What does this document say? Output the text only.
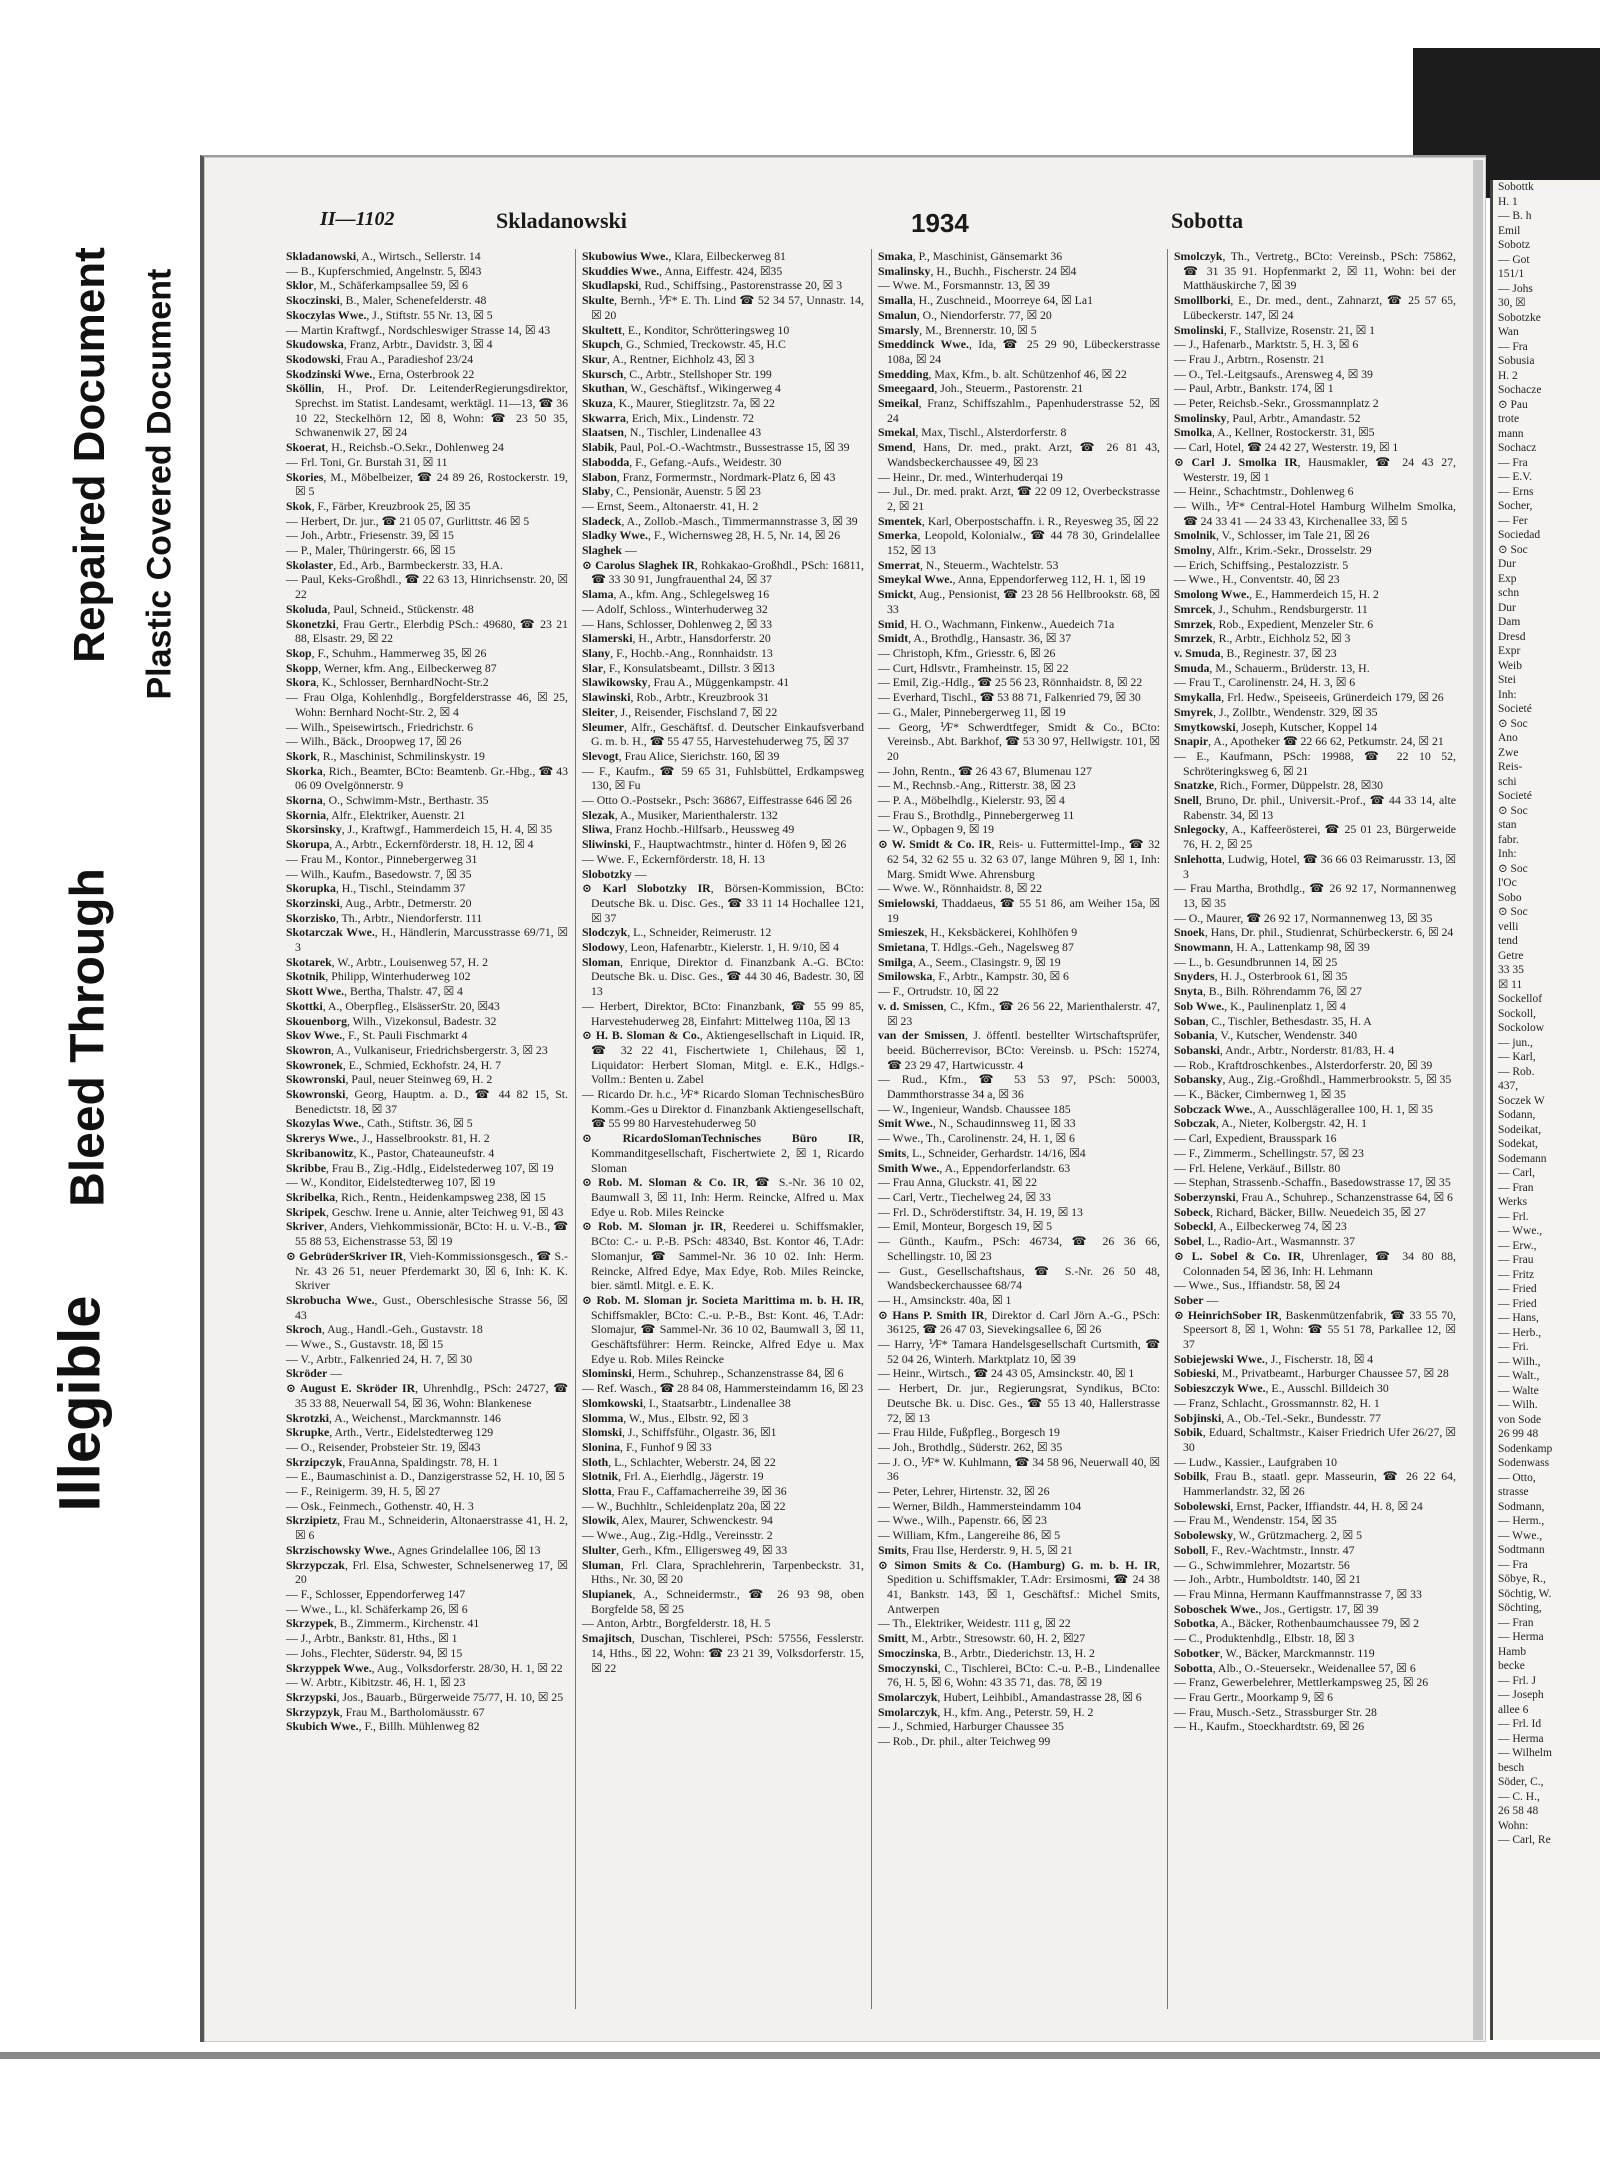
Illegible
Bleed Through
Repaired Document Plastic Covered Document
II—1102	Skladanowski	1934	Sobotta

Skladanowski, A., Wirtsch., Sellerstr. 14

— B., Kupferschmied, Angelnstr. 5, ☒43

Sklor, M., Schäferkampsallee 59, ☒ 6

Skoczinski, B., Maler, Schenefelderstr. 48

Skoczylas Wwe., J., Stiftstr. 55 Nr. 13, ☒ 5

— Martin Kraftwgf., Nordschleswiger Strasse 14, ☒ 43

Skudowska, Franz, Arbtr., Davidstr. 3, ☒ 4

Skodowski, Frau A., Paradieshof 23/24

Skodzinski Wwe., Erna, Osterbrook 22

Sköllin, H., Prof. Dr. LeitenderRegierungsdirektor, Sprechst. im Statist. Landesamt, werktägl. 11—13, ☎ 36 10 22, Steckelhörn 12, ☒ 8, Wohn: ☎ 23 50 35, Schwanenwik 27, ☒ 24

Skoerat, H., Reichsb.-O.Sekr., Dohlenweg 24

— Frl. Toni, Gr. Burstah 31, ☒ 11

Skories, M., Möbelbeizer, ☎ 24 89 26, Rostockerstr. 19, ☒ 5

Skok, F., Färber, Kreuzbrook 25, ☒ 35

— Herbert, Dr. jur., ☎ 21 05 07, Gurlittstr. 46 ☒ 5

— Joh., Arbtr., Friesenstr. 39, ☒ 15

— P., Maler, Thüringerstr. 66, ☒ 15

Skolaster, Ed., Arb., Barmbeckerstr. 33, H.A.

— Paul, Keks-Großhdl., ☎ 22 63 13, Hinrichsenstr. 20, ☒ 22

Skoluda, Paul, Schneid., Stückenstr. 48

Skonetzki, Frau Gertr., Elerbdig PSch.: 49680, ☎ 23 21 88, Elsastr. 29, ☒ 22

Skop, F., Schuhm., Hammerweg 35, ☒ 26

Skopp, Werner, kfm. Ang., Eilbeckerweg 87

Skora, K., Schlosser, BernhardNocht-Str.2

— Frau Olga, Kohlenhdlg., Borgfelderstrasse 46, ☒ 25, Wohn: Bernhard Nocht-Str. 2, ☒ 4

— Wilh., Speisewirtsch., Friedrichstr. 6

— Wilh., Bäck., Droopweg 17, ☒ 26

Skork, R., Maschinist, Schmilinskystr. 19

Skorka, Rich., Beamter, BCto: Beamtenb. Gr.-Hbg., ☎ 43 06 09 Ovelgönnerstr. 9

Skorna, O., Schwimm-Mstr., Berthastr. 35

Skornia, Alfr., Elektriker, Auenstr. 21

Skorsinsky, J., Kraftwgf., Hammerdeich 15, H. 4, ☒ 35

Skorupa, A., Arbtr., Eckernförderstr. 18, H. 12, ☒ 4

— Frau M., Kontor., Pinnebergerweg 31

— Wilh., Kaufm., Basedowstr. 7, ☒ 35

Skorupka, H., Tischl., Steindamm 37

Skorzinski, Aug., Arbtr., Detmerstr. 20

Skorzisko, Th., Arbtr., Niendorferstr. 111

Skotarczak Wwe., H., Händlerin, Marcusstrasse 69/71, ☒ 3

Skotarek, W., Arbtr., Louisenweg 57, H. 2

Skotnik, Philipp, Winterhuderweg 102

Skott Wwe., Bertha, Thalstr. 47, ☒ 4

Skottki, A., Oberpfleg., ElsässerStr. 20, ☒43

Skouenborg, Wilh., Vizekonsul, Badestr. 32

Skov Wwe., F., St. Pauli Fischmarkt 4

Skowron, A., Vulkaniseur, Friedrichsbergerstr. 3, ☒ 23

Skowronek, E., Schmied, Eckhofstr. 24, H. 7

Skowronski, Paul, neuer Steinweg 69, H. 2

Skowronski, Georg, Hauptm. a. D., ☎ 44 82 15, St. Benedictstr. 18, ☒ 37

Skozylas Wwe., Cath., Stiftstr. 36, ☒ 5

Skrerys Wwe., J., Hasselbrookstr. 81, H. 2

Skribanowitz, K., Pastor, Chateauneufstr. 4

Skribbe, Frau B., Zig.-Hdlg., Eidelstederweg 107, ☒ 19

— W., Konditor, Eidelstedterweg 107, ☒ 19

Skribelka, Rich., Rentn., Heidenkampsweg 238, ☒ 15

Skripek, Geschw. Irene u. Annie, alter Teichweg 91, ☒ 43

Skriver, Anders, Viehkommissionär, BCto: H. u. V.-B., ☎ 55 88 53, Eichenstrasse 53, ☒ 19

⊙ GebrüderSkriver IR, Vieh-Kommissionsgesch., ☎ S.-Nr. 43 26 51, neuer Pferdemarkt 30, ☒ 6, Inh: K. K. Skriver

Skrobucha Wwe., Gust., Oberschlesische Strasse 56, ☒ 43

Skroch, Aug., Handl.-Geh., Gustavstr. 18

— Wwe., S., Gustavstr. 18, ☒ 15

— V., Arbtr., Falkenried 24, H. 7, ☒ 30

Skröder —

⊙ August E. Skröder IR, Uhrenhdlg., PSch: 24727, ☎ 35 33 88, Neuerwall 54, ☒ 36, Wohn: Blankenese

Skrotzki, A., Weichenst., Marckmannstr. 146

Skrupke, Arth., Vertr., Eidelstedterweg 129

— O., Reisender, Probsteier Str. 19, ☒43

Skrzipczyk, FrauAnna, Spaldingstr. 78, H. 1

— E., Baumaschinist a. D., Danzigerstrasse 52, H. 10, ☒ 5

— F., Reinigerm. 39, H. 5, ☒ 27

— Osk., Feinmech., Gothenstr. 40, H. 3

Skrzipietz, Frau M., Schneiderin, Altonaerstrasse 41, H. 2, ☒ 6

Skrzischowsky Wwe., Agnes Grindelallee 106, ☒ 13

Skrzypczak, Frl. Elsa, Schwester, Schnelsenerweg 17, ☒ 20

— F., Schlosser, Eppendorferweg 147

— Wwe., L., kl. Schäferkamp 26, ☒ 6

Skrzypek, B., Zimmerm., Kirchenstr. 41

— J., Arbtr., Bankstr. 81, Hths., ☒ 1

— Johs., Flechter, Süderstr. 94, ☒ 15

Skrzyppek Wwe., Aug., Volksdorferstr. 28/30, H. 1, ☒ 22

— W. Arbtr., Kibitzstr. 46, H. 1, ☒ 23

Skrzypski, Jos., Bauarb., Bürgerweide 75/77, H. 10, ☒ 25

Skrzypzyk, Frau M., Bartholomäusstr. 67

Skubich Wwe., F., Billh. Mühlenweg 82

Skubowius Wwe., Klara, Eilbeckerweg 81

Skuddies Wwe., Anna, Eiffestr. 424, ☒35

Skudlapski, Rud., Schiffsing., Pastorenstrasse 20, ☒ 3

Skulte, Bernh., ⅟F* E. Th. Lind ☎ 52 34 57, Unnastr. 14, ☒ 20

Skultett, E., Konditor, Schrötteringsweg 10

Skupch, G., Schmied, Treckowstr. 45, H.C

Skur, A., Rentner, Eichholz 43, ☒ 3

Skursch, C., Arbtr., Stellshoper Str. 199

Skuthan, W., Geschäftsf., Wikingerweg 4

Skuza, K., Maurer, Stieglitzstr. 7a, ☒ 22

Skwarra, Erich, Mix., Lindenstr. 72

Slaatsen, N., Tischler, Lindenallee 43

Slabik, Paul, Pol.-O.-Wachtmstr., Bussestrasse 15, ☒ 39

Slabodda, F., Gefang.-Aufs., Weidestr. 30

Slabon, Franz, Formermstr., Nordmark-Platz 6, ☒ 43

Slaby, C., Pensionär, Auenstr. 5 ☒ 23

— Ernst, Seem., Altonaerstr. 41, H. 2

Sladeck, A., Zollob.-Masch., Timmermannstrasse 3, ☒ 39

Sladky Wwe., F., Wichernsweg 28, H. 5, Nr. 14, ☒ 26

Slaghek —

⊙ Carolus Slaghek IR, Rohkakao-Großhdl., PSch: 16811, ☎ 33 30 91, Jungfrauenthal 24, ☒ 37

Slama, A., kfm. Ang., Schlegelsweg 16

— Adolf, Schloss., Winterhuderweg 32

— Hans, Schlosser, Dohlenweg 2, ☒ 33

Slamerski, H., Arbtr., Hansdorferstr. 20

Slany, F., Hochb.-Ang., Ronnhaidstr. 13

Slar, F., Konsulatsbeamt., Dillstr. 3 ☒13

Slawikowsky, Frau A., Müggenkampstr. 41

Slawinski, Rob., Arbtr., Kreuzbrook 31

Sleiter, J., Reisender, Fischsland 7, ☒ 22

Sleumer, Alfr., Geschäftsf. d. Deutscher Einkaufsverband G. m. b. H., ☎ 55 47 55, Harvestehuderweg 75, ☒ 37

Slevogt, Frau Alice, Sierichstr. 160, ☒ 39

— F., Kaufm., ☎ 59 65 31, Fuhlsbüttel, Erdkampsweg 130, ☒ Fu

— Otto O.-Postsekr., Psch: 36867, Eiffestrasse 646 ☒ 26

Slezak, A., Musiker, Marienthalerstr. 132

Sliwa, Franz Hochb.-Hilfsarb., Heussweg 49

Sliwinski, F., Hauptwachtmstr., hinter d. Höfen 9, ☒ 26

— Wwe. F., Eckernförderstr. 18, H. 13

Slobotzky —

⊙ Karl Slobotzky IR, Börsen-Kommission, BCto: Deutsche Bk. u. Disc. Ges., ☎ 33 11 14 Hochallee 121, ☒ 37

Slodczyk, L., Schneider, Reimerustr. 12

Slodowy, Leon, Hafenarbtr., Kielerstr. 1, H. 9/10, ☒ 4

Sloman, Enrique, Direktor d. Finanzbank A.-G. BCto: Deutsche Bk. u. Disc. Ges., ☎ 44 30 46, Badestr. 30, ☒ 13

— Herbert, Direktor, BCto: Finanzbank, ☎ 55 99 85, Harvestehuderweg 28, Einfahrt: Mittelweg 110a, ☒ 13

⊙ H. B. Sloman & Co., Aktiengesellschaft in Liquid. IR, ☎ 32 22 41, Fischertwiete 1, Chilehaus, ☒ 1, Liquidator: Herbert Sloman, Mitgl. e. E.K., Hdlgs.-Vollm.: Benten u. Zabel

— Ricardo Dr. h.c., ⅟F* Ricardo Sloman TechnischesBüro Komm.-Ges u Direktor d. Finanzbank Aktiengesellschaft, ☎ 55 99 80 Harvestehuderweg 50

⊙ RicardoSlomanTechnisches Büro IR, Kommanditgesellschaft, Fischertwiete 2, ☒ 1, Ricardo Sloman

⊙ Rob. M. Sloman & Co. IR, ☎ S.-Nr. 36 10 02, Baumwall 3, ☒ 11, Inh: Herm. Reincke, Alfred u. Max Edye u. Rob. Miles Reincke

⊙ Rob. M. Sloman jr. IR, Reederei u. Schiffsmakler, BCto: C.- u. P.-B. PSch: 48340, Bst. Kontor 46, T.Adr: Slomanjur, ☎ Sammel-Nr. 36 10 02. Inh: Herm. Reincke, Alfred Edye, Max Edye, Rob. Miles Reincke, bier. sämtl. Mitgl. e. E. K.

⊙ Rob. M. Sloman jr. Societa Marittima m. b. H. IR, Schiffsmakler, BCto: C.-u. P.-B., Bst: Kont. 46, T.Adr: Slomajur, ☎ Sammel-Nr. 36 10 02, Baumwall 3, ☒ 11, Geschäftsführer: Herm. Reincke, Alfred Edye u. Max Edye u. Rob. Miles Reincke

Slominski, Herm., Schuhrep., Schanzenstrasse 84, ☒ 6

— Ref. Wasch., ☎ 28 84 08, Hammersteindamm 16, ☒ 23

Slomkowski, I., Staatsarbtr., Lindenallee 38

Slomma, W., Mus., Elbstr. 92, ☒ 3

Slomski, J., Schiffsführ., Olgastr. 36, ☒1

Slonina, F., Funhof 9 ☒ 33

Sloth, L., Schlachter, Weberstr. 24, ☒ 22

Slotnik, Frl. A., Eierhdlg., Jägerstr. 19

Slotta, Frau F., Caffamacherreihe 39, ☒ 36

— W., Buchhltr., Schleidenplatz 20a, ☒ 22

Slowik, Alex, Maurer, Schwenckestr. 94

— Wwe., Aug., Zig.-Hdlg., Vereinsstr. 2

Slulter, Gerh., Kfm., Elligersweg 49, ☒ 33

Sluman, Frl. Clara, Sprachlehrerin, Tarpenbeckstr. 31, Hths., Nr. 30, ☒ 20

Slupianek, A., Schneidermstr., ☎ 26 93 98, oben Borgfelde 58, ☒ 25

— Anton, Arbtr., Borgfelderstr. 18, H. 5

Smajitsch, Duschan, Tischlerei, PSch: 57556, Fesslerstr. 14, Hths., ☒ 22, Wohn: ☎ 23 21 39, Volksdorferstr. 15, ☒ 22

Smaka, P., Maschinist, Gänsemarkt 36

Smalinsky, H., Buchh., Fischerstr. 24 ☒4

— Wwe. M., Forsmannstr. 13, ☒ 39

Smalla, H., Zuschneid., Moorreye 64, ☒ La1

Smalun, O., Niendorferstr. 77, ☒ 20

Smarsly, M., Brennerstr. 10, ☒ 5

Smeddinck Wwe., Ida, ☎ 25 29 90, Lübeckerstrasse 108a, ☒ 24

Smedding, Max, Kfm., b. alt. Schützenhof 46, ☒ 22

Smeegaard, Joh., Steuerm., Pastorenstr. 21

Smeikal, Franz, Schiffszahlm., Papenhuderstrasse 52, ☒ 24

Smekal, Max, Tischl., Alsterdorferstr. 8

Smend, Hans, Dr. med., prakt. Arzt, ☎ 26 81 43, Wandsbeckerchaussee 49, ☒ 23

— Heinr., Dr. med., Winterhuderqai 19

— Jul., Dr. med. prakt. Arzt, ☎ 22 09 12, Overbeckstrasse 2, ☒ 21

Smentek, Karl, Oberpostschaffn. i. R., Reyesweg 35, ☒ 22

Smerka, Leopold, Kolonialw., ☎ 44 78 30, Grindelallee 152, ☒ 13

Smerrat, N., Steuerm., Wachtelstr. 53

Smeykal Wwe., Anna, Eppendorferweg 112, H. 1, ☒ 19

Smickt, Aug., Pensionist, ☎ 23 28 56 Hellbrookstr. 68, ☒ 33

Smid, H. O., Wachmann, Finkenw., Auedeich 71a

Smidt, A., Brothdlg., Hansastr. 36, ☒ 37

— Christoph, Kfm., Griesstr. 6, ☒ 26

— Curt, Hdlsvtr., Framheinstr. 15, ☒ 22

— Emil, Zig.-Hdlg., ☎ 25 56 23, Rönnhaidstr. 8, ☒ 22

— Everhard, Tischl., ☎ 53 88 71, Falkenried 79, ☒ 30

— G., Maler, Pinnebergerweg 11, ☒ 19

— Georg, ⅟F* Schwerdtfeger, Smidt & Co., BCto: Vereinsb., Abt. Barkhof, ☎ 53 30 97, Hellwigstr. 101, ☒ 20

— John, Rentn., ☎ 26 43 67, Blumenau 127

— M., Rechnsb.-Ang., Ritterstr. 38, ☒ 23

— P. A., Möbelhdlg., Kielerstr. 93, ☒ 4

— Frau S., Brothdlg., Pinnebergerweg 11

— W., Opbagen 9, ☒ 19

⊙ W. Smidt & Co. IR, Reis- u. Futtermittel-Imp., ☎ 32 62 54, 32 62 55 u. 32 63 07, lange Mühren 9, ☒ 1, Inh: Marg. Smidt Wwe. Ahrensburg

— Wwe. W., Rönnhaidstr. 8, ☒ 22

Smielowski, Thaddaeus, ☎ 55 51 86, am Weiher 15a, ☒ 19

Smieszek, H., Keksbäckerei, Kohlhöfen 9

Smietana, T. Hdlgs.-Geh., Nagelsweg 87

Smilga, A., Seem., Clasingstr. 9, ☒ 19

Smilowska, F., Arbtr., Kampstr. 30, ☒ 6

— F., Ortrudstr. 10, ☒ 22

v. d. Smissen, C., Kfm., ☎ 26 56 22, Marienthalerstr. 47, ☒ 23

van der Smissen, J. öffentl. bestellter Wirtschaftsprüfer, beeid. Bücherrevisor, BCto: Vereinsb. u. PSch: 15274, ☎ 23 29 47, Hartwicusstr. 4

— Rud., Kfm., ☎ 53 53 97, PSch: 50003, Dammthorstrasse 34 a, ☒ 36

— W., Ingenieur, Wandsb. Chaussee 185

Smit Wwe., N., Schaudinnsweg 11, ☒ 33

— Wwe., Th., Carolinenstr. 24, H. 1, ☒ 6

Smits, L., Schneider, Gerhardstr. 14/16, ☒4

Smith Wwe., A., Eppendorferlandstr. 63

— Frau Anna, Gluckstr. 41, ☒ 22

— Carl, Vertr., Tiechelweg 24, ☒ 33

— Frl. D., Schröderstiftstr. 34, H. 19, ☒ 13

— Emil, Monteur, Borgesch 19, ☒ 5

— Günth., Kaufm., PSch: 46734, ☎ 26 36 66, Schellingstr. 10, ☒ 23

— Gust., Gesellschaftshaus, ☎ S.-Nr. 26 50 48, Wandsbeckerchaussee 68/74

— H., Amsinckstr. 40a, ☒ 1

⊙ Hans P. Smith IR, Direktor d. Carl Jörn A.-G., PSch: 36125, ☎ 26 47 03, Sievekingsallee 6, ☒ 26

— Harry, ⅟F* Tamara Handelsgesellschaft Curtsmith, ☎ 52 04 26, Winterh. Marktplatz 10, ☒ 39

— Heinr., Wirtsch., ☎ 24 43 05, Amsinckstr. 40, ☒ 1

— Herbert, Dr. jur., Regierungsrat, Syndikus, BCto: Deutsche Bk. u. Disc. Ges., ☎ 55 13 40, Hallerstrasse 72, ☒ 13

— Frau Hilde, Fußpfleg., Borgesch 19

— Joh., Brothdlg., Süderstr. 262, ☒ 35

— J. O., ⅟F* W. Kuhlmann, ☎ 34 58 96, Neuerwall 40, ☒ 36

— Peter, Lehrer, Hirtenstr. 32, ☒ 26

— Werner, Bildh., Hammersteindamm 104

— Wwe., Wilh., Papenstr. 66, ☒ 23

— William, Kfm., Langereihe 86, ☒ 5

Smits, Frau Ilse, Herderstr. 9, H. 5, ☒ 21

⊙ Simon Smits & Co. (Hamburg) G. m. b. H. IR, Spedition u. Schiffsmakler, T.Adr: Ersimosmi, ☎ 24 38 41, Bankstr. 143, ☒ 1, Geschäftsf.: Michel Smits, Antwerpen

— Th., Elektriker, Weidestr. 111 g, ☒ 22

Smitt, M., Arbtr., Stresowstr. 60, H. 2, ☒27

Smoczinska, B., Arbtr., Diederichstr. 13, H. 2

Smoczynski, C., Tischlerei, BCto: C.-u. P.-B., Lindenallee 76, H. 5, ☒ 6, Wohn: 43 35 71, das. 78, ☒ 19

Smolarczyk, Hubert, Leihbibl., Amandastrasse 28, ☒ 6

Smolarczyk, H., kfm. Ang., Peterstr. 59, H. 2

— J., Schmied, Harburger Chaussee 35

— Rob., Dr. phil., alter Teichweg 99

Smolczyk, Th., Vertretg., BCto: Vereinsb., PSch: 75862, ☎ 31 35 91. Hopfenmarkt 2, ☒ 11, Wohn: bei der Matthäuskirche 7, ☒ 39

Smollborki, E., Dr. med., dent., Zahnarzt, ☎ 25 57 65, Lübeckerstr. 147, ☒ 24

Smolinski, F., Stallvize, Rosenstr. 21, ☒ 1

— J., Hafenarb., Marktstr. 5, H. 3, ☒ 6

— Frau J., Arbtrn., Rosenstr. 21

— O., Tel.-Leitgsaufs., Arensweg 4, ☒ 39

— Paul, Arbtr., Bankstr. 174, ☒ 1

— Peter, Reichsb.-Sekr., Grossmannplatz 2

Smolinsky, Paul, Arbtr., Amandastr. 52

Smolka, A., Kellner, Rostockerstr. 31, ☒5

— Carl, Hotel, ☎ 24 42 27, Westerstr. 19, ☒ 1

⊙ Carl J. Smolka IR, Hausmakler, ☎ 24 43 27, Westerstr. 19, ☒ 1

— Heinr., Schachtmstr., Dohlenweg 6

— Wilh., ⅟F* Central-Hotel Hamburg Wilhelm Smolka, ☎ 24 33 41 — 24 33 43, Kirchenallee 33, ☒ 5

Smolnik, V., Schlosser, im Tale 21, ☒ 26

Smolny, Alfr., Krim.-Sekr., Drosselstr. 29

— Erich, Schiffsing., Pestalozzistr. 5

— Wwe., H., Conventstr. 40, ☒ 23

Smolong Wwe., E., Hammerdeich 15, H. 2

Smrcek, J., Schuhm., Rendsburgerstr. 11

Smrzek, Rob., Expedient, Menzeler Str. 6

Smrzek, R., Arbtr., Eichholz 52, ☒ 3

v. Smuda, B., Reginestr. 37, ☒ 23

Smuda, M., Schauerm., Brüderstr. 13, H.

— Frau T., Carolinenstr. 24, H. 3, ☒ 6

Smykalla, Frl. Hedw., Speiseeis, Grünerdeich 179, ☒ 26

Smyrek, J., Zollbtr., Wendenstr. 329, ☒ 35

Smytkowski, Joseph, Kutscher, Koppel 14

Snapir, A., Apotheker ☎ 22 66 62, Petkumstr. 24, ☒ 21

— E., Kaufmann, PSch: 19988, ☎ 22 10 52, Schröteringksweg 6, ☒ 21

Snatzke, Rich., Former, Düppelstr. 28, ☒30

Snell, Bruno, Dr. phil., Universit.-Prof., ☎ 44 33 14, alte Rabenstr. 34, ☒ 13

Snlegocky, A., Kaffeerösterei, ☎ 25 01 23, Bürgerweide 76, H. 2, ☒ 25

Snlehotta, Ludwig, Hotel, ☎ 36 66 03 Reimarusstr. 13, ☒ 3

— Frau Martha, Brothdlg., ☎ 26 92 17, Normannenweg 13, ☒ 35

— O., Maurer, ☎ 26 92 17, Normannenweg 13, ☒ 35

Snoek, Hans, Dr. phil., Studienrat, Schürbeckerstr. 6, ☒ 24

Snowmann, H. A., Lattenkamp 98, ☒ 39

— L., b. Gesundbrunnen 14, ☒ 25

Snyders, H. J., Osterbrook 61, ☒ 35

Snyta, B., Bilh. Röhrendamm 76, ☒ 27

Sob Wwe., K., Paulinenplatz 1, ☒ 4

Soban, C., Tischler, Bethesdastr. 35, H. A

Sobania, V., Kutscher, Wendenstr. 340

Sobanski, Andr., Arbtr., Norderstr. 81/83, H. 4

— Rob., Kraftdroschkenbes., Alsterdorferstr. 20, ☒ 39

Sobansky, Aug., Zig.-Großhdl., Hammerbrookstr. 5, ☒ 35

— K., Bäcker, Cimbernweg 1, ☒ 35

Sobczack Wwe., A., Ausschlägerallee 100, H. 1, ☒ 35

Sobczak, A., Nieter, Kolbergstr. 42, H. 1

— Carl, Expedient, Brausspark 16

— F., Zimmerm., Schellingstr. 57, ☒ 23

— Frl. Helene, Verkäuf., Billstr. 80

— Stephan, Strassenb.-Schaffn., Basedowstrasse 17, ☒ 35

Soberzynski, Frau A., Schuhrep., Schanzenstrasse 64, ☒ 6

Sobeck, Richard, Bäcker, Billw. Neuedeich 35, ☒ 27

Sobeckl, A., Eilbeckerweg 74, ☒ 23

Sobel, L., Radio-Art., Wasmannstr. 37

⊙ L. Sobel & Co. IR, Uhrenlager, ☎ 34 80 88, Colonnaden 54, ☒ 36, Inh: H. Lehmann

— Wwe., Sus., Iffiandstr. 58, ☒ 24

Sober —

⊙ HeinrichSober IR, Baskenmützenfabrik, ☎ 33 55 70, Speersort 8, ☒ 1, Wohn: ☎ 55 51 78, Parkallee 12, ☒ 37

Sobiejewski Wwe., J., Fischerstr. 18, ☒ 4

Sobieski, M., Privatbeamt., Harburger Chaussee 57, ☒ 28

Sobieszczyk Wwe., E., Ausschl. Billdeich 30

— Franz, Schlacht., Grossmannstr. 82, H. 1

Sobjinski, A., Ob.-Tel.-Sekr., Bundesstr. 77

Sobik, Eduard, Schaltmstr., Kaiser Friedrich Ufer 26/27, ☒ 30

— Ludw., Kassier., Laufgraben 10

Sobilk, Frau B., staatl. gepr. Masseurin, ☎ 26 22 64, Hammerlandstr. 32, ☒ 26

Sobolewski, Ernst, Packer, Iffiandstr. 44, H. 8, ☒ 24

— Frau M., Wendenstr. 154, ☒ 35

Sobolewsky, W., Grützmacherg. 2, ☒ 5

Soboll, F., Rev.-Wachtmstr., Innstr. 47

— G., Schwimmlehrer, Mozartstr. 56

— Joh., Arbtr., Humboldtstr. 140, ☒ 21

— Frau Minna, Hermann Kauffmannstrasse 7, ☒ 33

Soboschek Wwe., Jos., Gertigstr. 17, ☒ 39

Sobotka, A., Bäcker, Rothenbaumchaussee 79, ☒ 2

— C., Produktenhdlg., Elbstr. 18, ☒ 3

Sobotker, W., Bäcker, Marckmannstr. 119

Sobotta, Alb., O.-Steuersekr., Weidenallee 57, ☒ 6

— Franz, Gewerbelehrer, Mettlerkampsweg 25, ☒ 26

— Frau Gertr., Moorkamp 9, ☒ 6

— Frau, Musch.-Setz., Strassburger Str. 28

— H., Kaufm., Stoeckhardtstr. 69, ☒ 26

Sobottk
H. 1
— B. h
Emil
Sobotz
— Got
151/1
— Johs
30, ☒
Sobotzke
Wan
— Fra
Sobusia
H. 2
Sochacze
⊙ Pau
trote
mann
Sochacz
— Fra
— E.V.
— Erns
Socher,
— Fer
Sociedad
⊙ Soc
Dur
Exp
schn
Dur
Dam
Dresd
Expr
Weib
Stei
Inh:
Societé
⊙ Soc
Ano
Zwe
Reis-
schi
Societé
⊙ Soc
stan
fabr.
Inh:
⊙ Soc
l'Oc
Sobo
⊙ Soc
velli
tend
Getre
33 35
☒ 11
Sockellof
Sockoll,
Sockolow
— jun.,
— Karl,
— Rob.
437,
Soczek W
Sodann,
Sodeikat,
Sodekat,
Sodemann
— Carl,
— Fran
Werks
— Frl.
— Wwe.,
— Erw.,
— Frau
— Fritz
— Fried
— Fried
— Hans,
— Herb.,
— Fri.
— Wilh.,
— Walt.,
— Walte
— Wilh.
von Sode
26 99 48
Sodenkamp
Sodenwass
— Otto,
strasse
Sodmann,
— Herm.,
— Wwe.,
Sodtmann
— Fra
Söbye, R.,
Söchtig, W.
Söchting,
— Fran
— Herma
Hamb
becke
— Frl. J
— Joseph
allee 6
— Frl. Id
— Herma
— Wilhelm
besch
Söder, C.,
— C. H.,
26 58 48
Wohn:
— Carl, Re
